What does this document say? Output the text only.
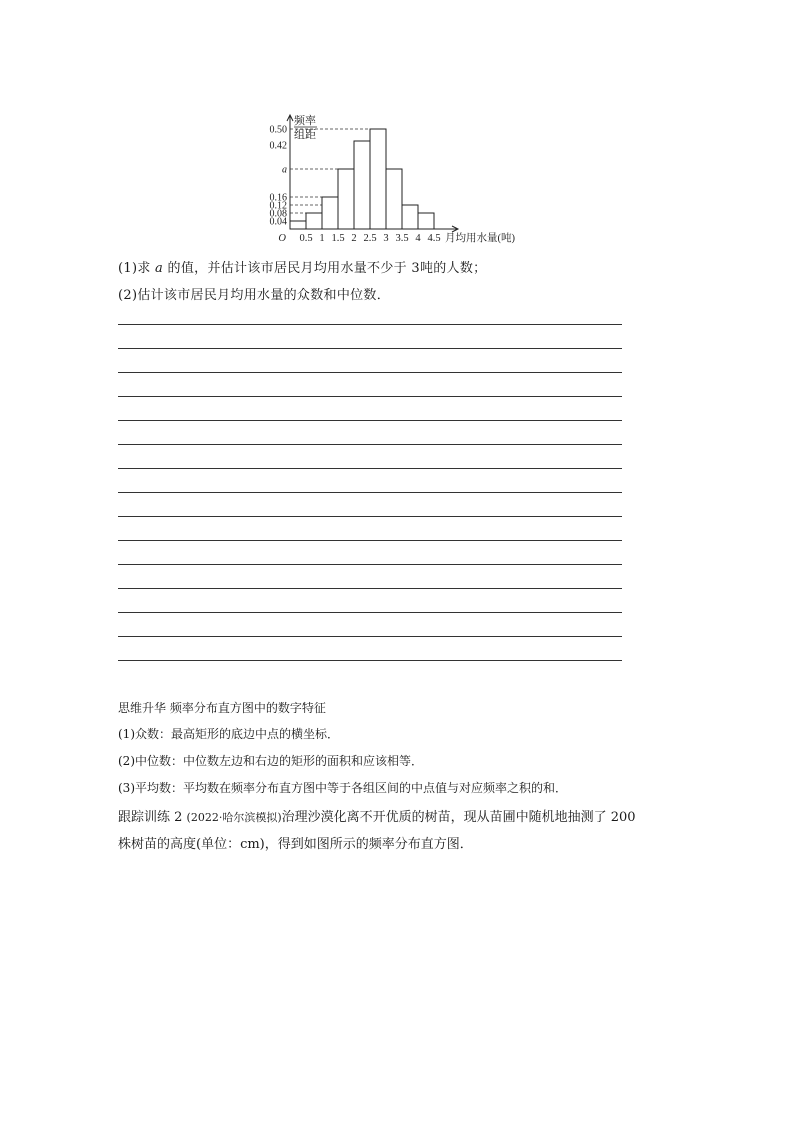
频率
组距
0.50
0.42
a
0.16
0.12
0.08
0.04
0.5 1 1.5 2 2.5 3 3.5 4 4.5
O	月均用水量(吨)
(1)求 a 的值，并估计该市居民月均用水量不少于 3吨的人数；
(2)估计该市居民月均用水量的众数和中位数．
思维升华 频率分布直方图中的数字特征
(1)众数：最高矩形的底边中点的横坐标．
(2)中位数：中位数左边和右边的矩形的面积和应该相等．
(3)平均数：平均数在频率分布直方图中等于各组区间的中点值与对应频率之积的和．
跟踪训练 2 (2022·哈尔滨模拟)治理沙漠化离不开优质的树苗，现从苗圃中随机地抽测了 200
株树苗的高度(单位：cm)，得到如图所示的频率分布直方图．
